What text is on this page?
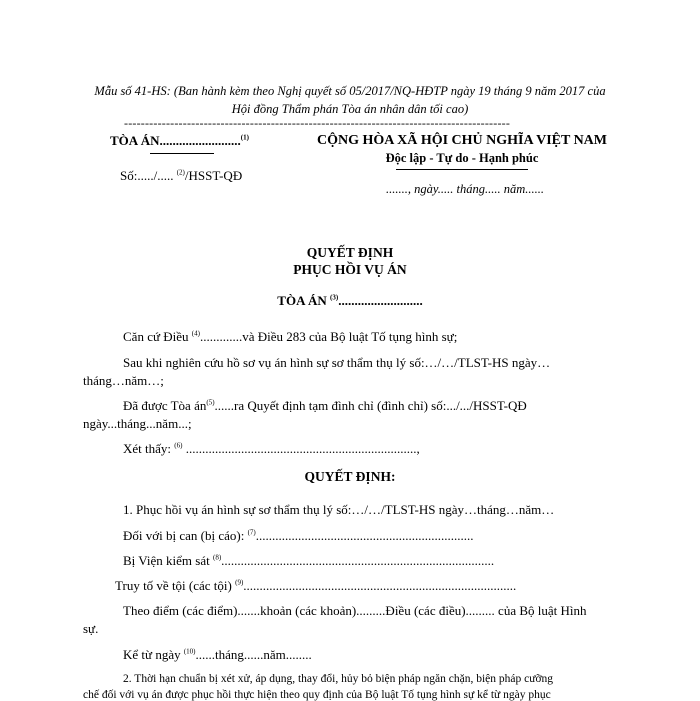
Mẫu số 41-HS: (Ban hành kèm theo Nghị quyết số 05/2017/NQ-HĐTP ngày 19 tháng 9 năm 2017 của
Hội đồng Thẩm phán Tòa án nhân dân tối cao)
--------------------------------------------------------------------------------------------
TÒA ÁN.........................$^{(1)}$
Số:...../..... $^{(2)}$/HSST-QĐ
CỘNG HÒA XÃ HỘI CHỦ NGHĨA VIỆT NAM
Độc lập - Tự do - Hạnh phúc
......., ngày..... tháng..... năm......
QUYẾT ĐỊNH
PHỤC HỒI VỤ ÁN
TÒA ÁN $^{(3)}$..........................
Căn cứ Điều $^{(4)}$.............và Điều 283 của Bộ luật Tố tụng hình sự;
Sau khi nghiên cứu hồ sơ vụ án hình sự sơ thẩm thụ lý số:…/…/TLST-HS ngày…
tháng…năm…;
Đã được Tòa $án^{(5)}......ra$ Quyết định tạm đình chỉ (đình chỉ) số:.../.../HSST-QĐ
ngày...tháng...năm...;
Xét thấy: $^{(6)}$ .......................................................................,
QUYẾT ĐỊNH:
1. Phục hồi vụ án hình sự sơ thẩm thụ lý số:…/…/TLST-HS ngày…tháng…năm…
Đối với bị can (bị cáo): $^{(7)}$...................................................................
Bị Viện kiểm sát $^{(8)}$....................................................................................
Truy tố về tội (các tội) $^{(9)}$....................................................................................
Theo điểm (các điểm).......khoản (các khoản).........Điều (các điều)......... của Bộ luật Hình
sự.
Kể từ ngày $^{(10)}$......tháng......năm........
2. Thời hạn chuẩn bị xét xử, áp dụng, thay đổi, hủy bỏ biện pháp ngăn chặn, biện pháp cưỡng
chế đối với vụ án được phục hồi thực hiện theo quy định của Bộ luật Tố tụng hình sự kể từ ngày phục
